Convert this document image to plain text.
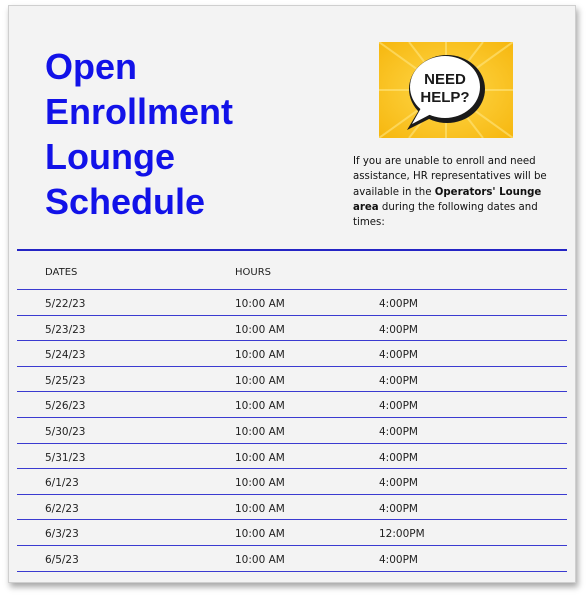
Open
Enrollment
Lounge
Schedule
NEED
HELP?
If you are unable to enroll and need assistance, HR representatives will be available in the Operators' Lounge area during the following dates and times:
DATES	HOURS
5/22/23	10:00 AM	4:00PM
5/23/23	10:00 AM	4:00PM
5/24/23	10:00 AM	4:00PM
5/25/23	10:00 AM	4:00PM
5/26/23	10:00 AM	4:00PM
5/30/23	10:00 AM	4:00PM
5/31/23	10:00 AM	4:00PM
6/1/23	10:00 AM	4:00PM
6/2/23	10:00 AM	4:00PM
6/3/23	10:00 AM	12:00PM
6/5/23	10:00 AM	4:00PM
